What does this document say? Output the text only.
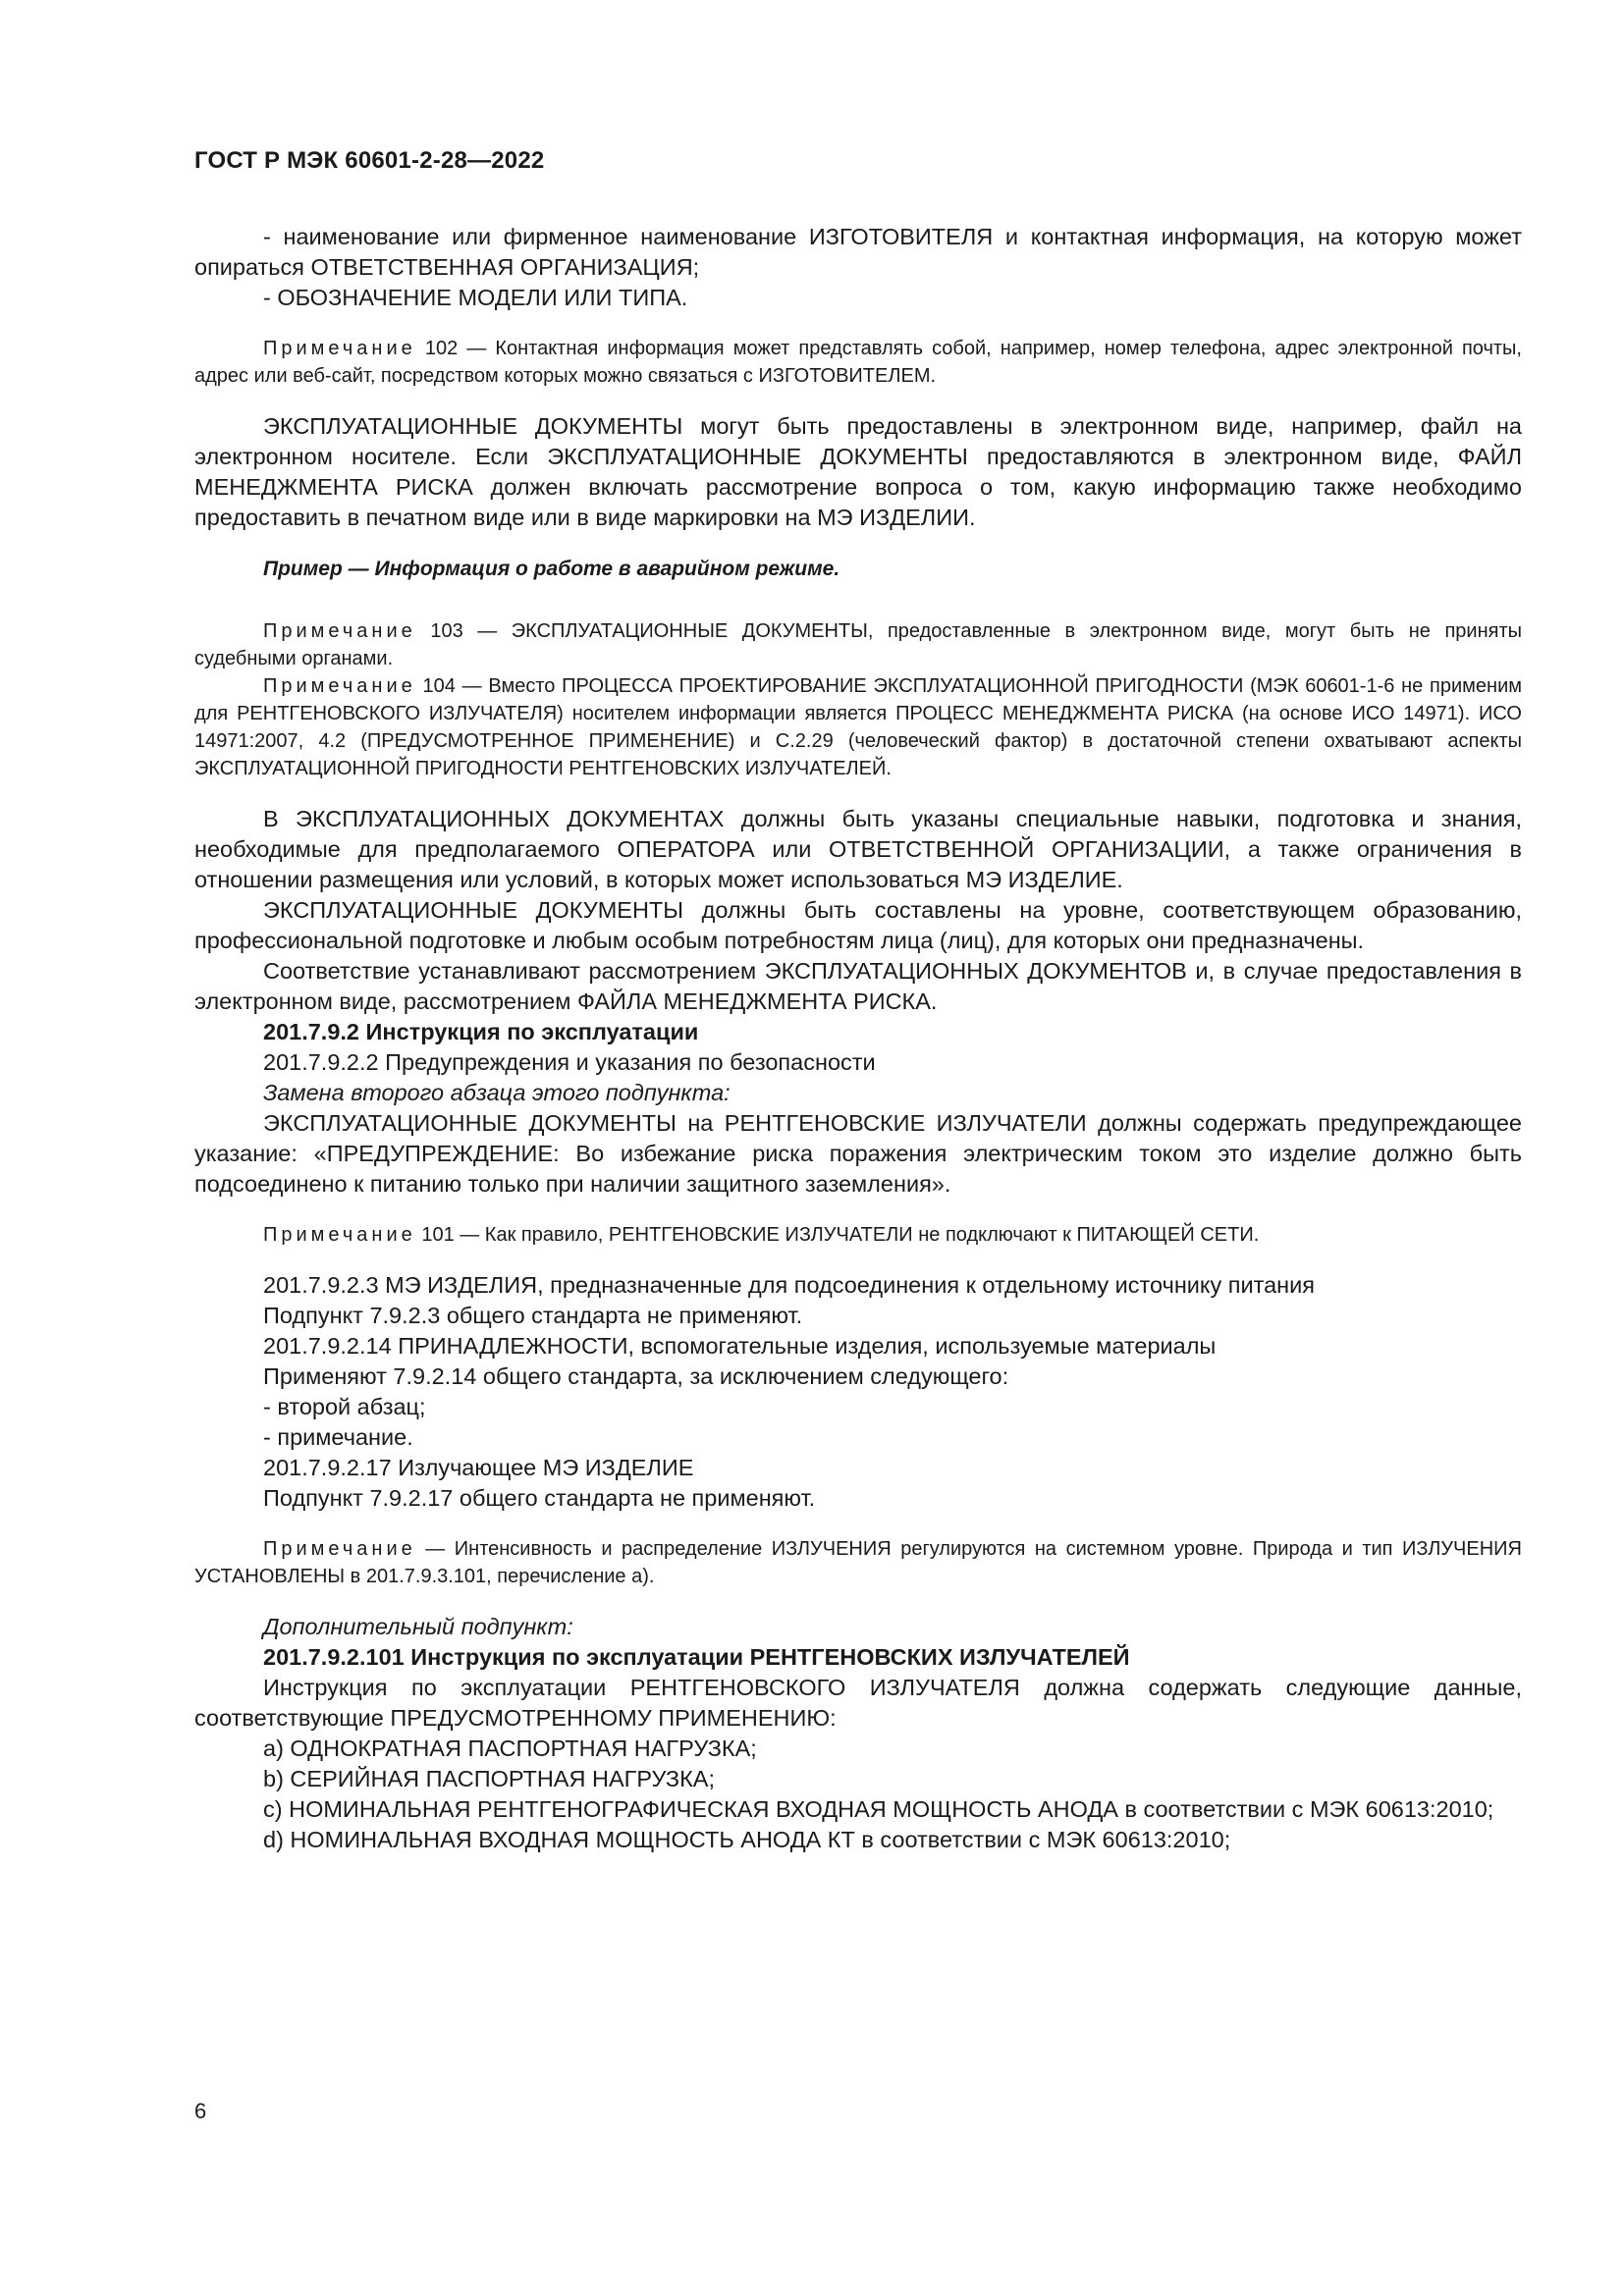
ГОСТ Р МЭК 60601-2-28—2022

- наименование или фирменное наименование ИЗГОТОВИТЕЛЯ и контактная информация, на которую может опираться ОТВЕТСТВЕННАЯ ОРГАНИЗАЦИЯ;

- ОБОЗНАЧЕНИЕ МОДЕЛИ ИЛИ ТИПА.

Примечание 102 — Контактная информация может представлять собой, например, номер телефона, адрес электронной почты, адрес или веб-сайт, посредством которых можно связаться с ИЗГОТОВИТЕЛЕМ.

ЭКСПЛУАТАЦИОННЫЕ ДОКУМЕНТЫ могут быть предоставлены в электронном виде, например, файл на электронном носителе. Если ЭКСПЛУАТАЦИОННЫЕ ДОКУМЕНТЫ предоставляются в электронном виде, ФАЙЛ МЕНЕДЖМЕНТА РИСКА должен включать рассмотрение вопроса о том, какую информацию также необходимо предоставить в печатном виде или в виде маркировки на МЭ ИЗДЕЛИИ.

Пример — Информация о работе в аварийном режиме.

Примечание 103 — ЭКСПЛУАТАЦИОННЫЕ ДОКУМЕНТЫ, предоставленные в электронном виде, могут быть не приняты судебными органами.

Примечание 104 — Вместо ПРОЦЕССА ПРОЕКТИРОВАНИЕ ЭКСПЛУАТАЦИОННОЙ ПРИГОДНОСТИ (МЭК 60601-1-6 не применим для РЕНТГЕНОВСКОГО ИЗЛУЧАТЕЛЯ) носителем информации является ПРОЦЕСС МЕНЕДЖМЕНТА РИСКА (на основе ИСО 14971). ИСО 14971:2007, 4.2 (ПРЕДУСМОТРЕННОЕ ПРИМЕНЕНИЕ) и С.2.29 (человеческий фактор) в достаточной степени охватывают аспекты ЭКСПЛУАТАЦИОННОЙ ПРИГОДНОСТИ РЕНТГЕНОВСКИХ ИЗЛУЧАТЕЛЕЙ.

В ЭКСПЛУАТАЦИОННЫХ ДОКУМЕНТАХ должны быть указаны специальные навыки, подготовка и знания, необходимые для предполагаемого ОПЕРАТОРА или ОТВЕТСТВЕННОЙ ОРГАНИЗАЦИИ, а также ограничения в отношении размещения или условий, в которых может использоваться МЭ ИЗДЕЛИЕ.

ЭКСПЛУАТАЦИОННЫЕ ДОКУМЕНТЫ должны быть составлены на уровне, соответствующем образованию, профессиональной подготовке и любым особым потребностям лица (лиц), для которых они предназначены.

Соответствие устанавливают рассмотрением ЭКСПЛУАТАЦИОННЫХ ДОКУМЕНТОВ и, в случае предоставления в электронном виде, рассмотрением ФАЙЛА МЕНЕДЖМЕНТА РИСКА.

201.7.9.2 Инструкция по эксплуатации

201.7.9.2.2 Предупреждения и указания по безопасности

Замена второго абзаца этого подпункта:

ЭКСПЛУАТАЦИОННЫЕ ДОКУМЕНТЫ на РЕНТГЕНОВСКИЕ ИЗЛУЧАТЕЛИ должны содержать предупреждающее указание: «ПРЕДУПРЕЖДЕНИЕ: Во избежание риска поражения электрическим током это изделие должно быть подсоединено к питанию только при наличии защитного заземления».

Примечание 101 — Как правило, РЕНТГЕНОВСКИЕ ИЗЛУЧАТЕЛИ не подключают к ПИТАЮЩЕЙ СЕТИ.

201.7.9.2.3 МЭ ИЗДЕЛИЯ, предназначенные для подсоединения к отдельному источнику питания

Подпункт 7.9.2.3 общего стандарта не применяют.

201.7.9.2.14 ПРИНАДЛЕЖНОСТИ, вспомогательные изделия, используемые материалы

Применяют 7.9.2.14 общего стандарта, за исключением следующего:

- второй абзац;

- примечание.

201.7.9.2.17 Излучающее МЭ ИЗДЕЛИЕ

Подпункт 7.9.2.17 общего стандарта не применяют.

Примечание — Интенсивность и распределение ИЗЛУЧЕНИЯ регулируются на системном уровне. Природа и тип ИЗЛУЧЕНИЯ УСТАНОВЛЕНЫ в 201.7.9.3.101, перечисление а).

Дополнительный подпункт:

201.7.9.2.101 Инструкция по эксплуатации РЕНТГЕНОВСКИХ ИЗЛУЧАТЕЛЕЙ

Инструкция по эксплуатации РЕНТГЕНОВСКОГО ИЗЛУЧАТЕЛЯ должна содержать следующие данные, соответствующие ПРЕДУСМОТРЕННОМУ ПРИМЕНЕНИЮ:

a) ОДНОКРАТНАЯ ПАСПОРТНАЯ НАГРУЗКА;

b) СЕРИЙНАЯ ПАСПОРТНАЯ НАГРУЗКА;

c) НОМИНАЛЬНАЯ РЕНТГЕНОГРАФИЧЕСКАЯ ВХОДНАЯ МОЩНОСТЬ АНОДА в соответствии с МЭК 60613:2010;

d) НОМИНАЛЬНАЯ ВХОДНАЯ МОЩНОСТЬ АНОДА КТ в соответствии с МЭК 60613:2010;

6
